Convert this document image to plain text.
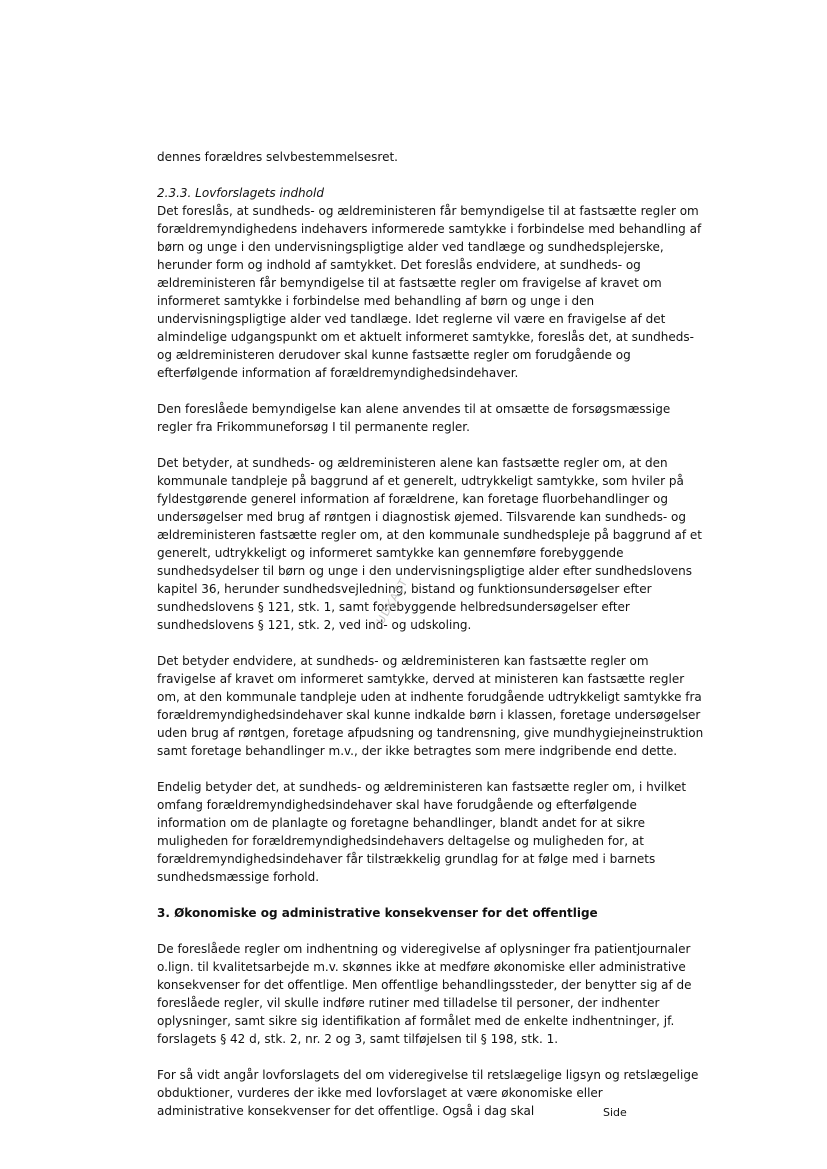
dennes forældres selvbestemmelsesret.
2.3.3. Lovforslagets indhold
Det foreslås, at sundheds- og ældreministeren får bemyndigelse til at fastsætte regler om
forældremyndighedens indehavers informerede samtykke i forbindelse med behandling af
børn og unge i den undervisningspligtige alder ved tandlæge og sundhedsplejerske,
herunder form og indhold af samtykket. Det foreslås endvidere, at sundheds- og
ældreministeren får bemyndigelse til at fastsætte regler om fravigelse af kravet om
informeret samtykke i forbindelse med behandling af børn og unge i den
undervisningspligtige alder ved tandlæge. Idet reglerne vil være en fravigelse af det
almindelige udgangspunkt om et aktuelt informeret samtykke, foreslås det, at sundheds-
og ældreministeren derudover skal kunne fastsætte regler om forudgående og
efterfølgende information af forældremyndighedsindehaver.
Den foreslåede bemyndigelse kan alene anvendes til at omsætte de forsøgsmæssige
regler fra Frikommuneforsøg I til permanente regler.
Det betyder, at sundheds- og ældreministeren alene kan fastsætte regler om, at den
kommunale tandpleje på baggrund af et generelt, udtrykkeligt samtykke, som hviler på
fyldestgørende generel information af forældrene, kan foretage fluorbehandlinger og
undersøgelser med brug af røntgen i diagnostisk øjemed. Tilsvarende kan sundheds- og
ældreministeren fastsætte regler om, at den kommunale sundhedspleje på baggrund af et
generelt, udtrykkeligt og informeret samtykke kan gennemføre forebyggende
sundhedsydelser til børn og unge i den undervisningspligtige alder efter sundhedslovens
kapitel 36, herunder sundhedsvejledning, bistand og funktionsundersøgelser efter
sundhedslovens § 121, stk. 1, samt forebyggende helbredsundersøgelser efter
sundhedslovens § 121, stk. 2, ved ind- og udskoling.
Det betyder endvidere, at sundheds- og ældreministeren kan fastsætte regler om
fravigelse af kravet om informeret samtykke, derved at ministeren kan fastsætte regler
om, at den kommunale tandpleje uden at indhente forudgående udtrykkeligt samtykke fra
forældremyndighedsindehaver skal kunne indkalde børn i klassen, foretage undersøgelser
uden brug af røntgen, foretage afpudsning og tandrensning, give mundhygiejneinstruktion
samt foretage behandlinger m.v., der ikke betragtes som mere indgribende end dette.
Endelig betyder det, at sundheds- og ældreministeren kan fastsætte regler om, i hvilket
omfang forældremyndighedsindehaver skal have forudgående og efterfølgende
information om de planlagte og foretagne behandlinger, blandt andet for at sikre
muligheden for forældremyndighedsindehavers deltagelse og muligheden for, at
forældremyndighedsindehaver får tilstrækkelig grundlag for at følge med i barnets
sundhedsmæssige forhold.
3. Økonomiske og administrative konsekvenser for det offentlige
De foreslåede regler om indhentning og videregivelse af oplysninger fra patientjournaler
o.lign. til kvalitetsarbejde m.v. skønnes ikke at medføre økonomiske eller administrative
konsekvenser for det offentlige. Men offentlige behandlingssteder, der benytter sig af de
foreslåede regler, vil skulle indføre rutiner med tilladelse til personer, der indhenter
oplysninger, samt sikre sig identifikation af formålet med de enkelte indhentninger, jf.
forslagets § 42 d, stk. 2, nr. 2 og 3, samt tilføjelsen til § 198, stk. 1.
For så vidt angår lovforslagets del om videregivelse til retslægelige ligsyn og retslægelige
obduktioner, vurderes der ikke med lovforslaget at være økonomiske eller
administrative konsekvenser for det offentlige. Også i dag skal
UDKAST
Side
